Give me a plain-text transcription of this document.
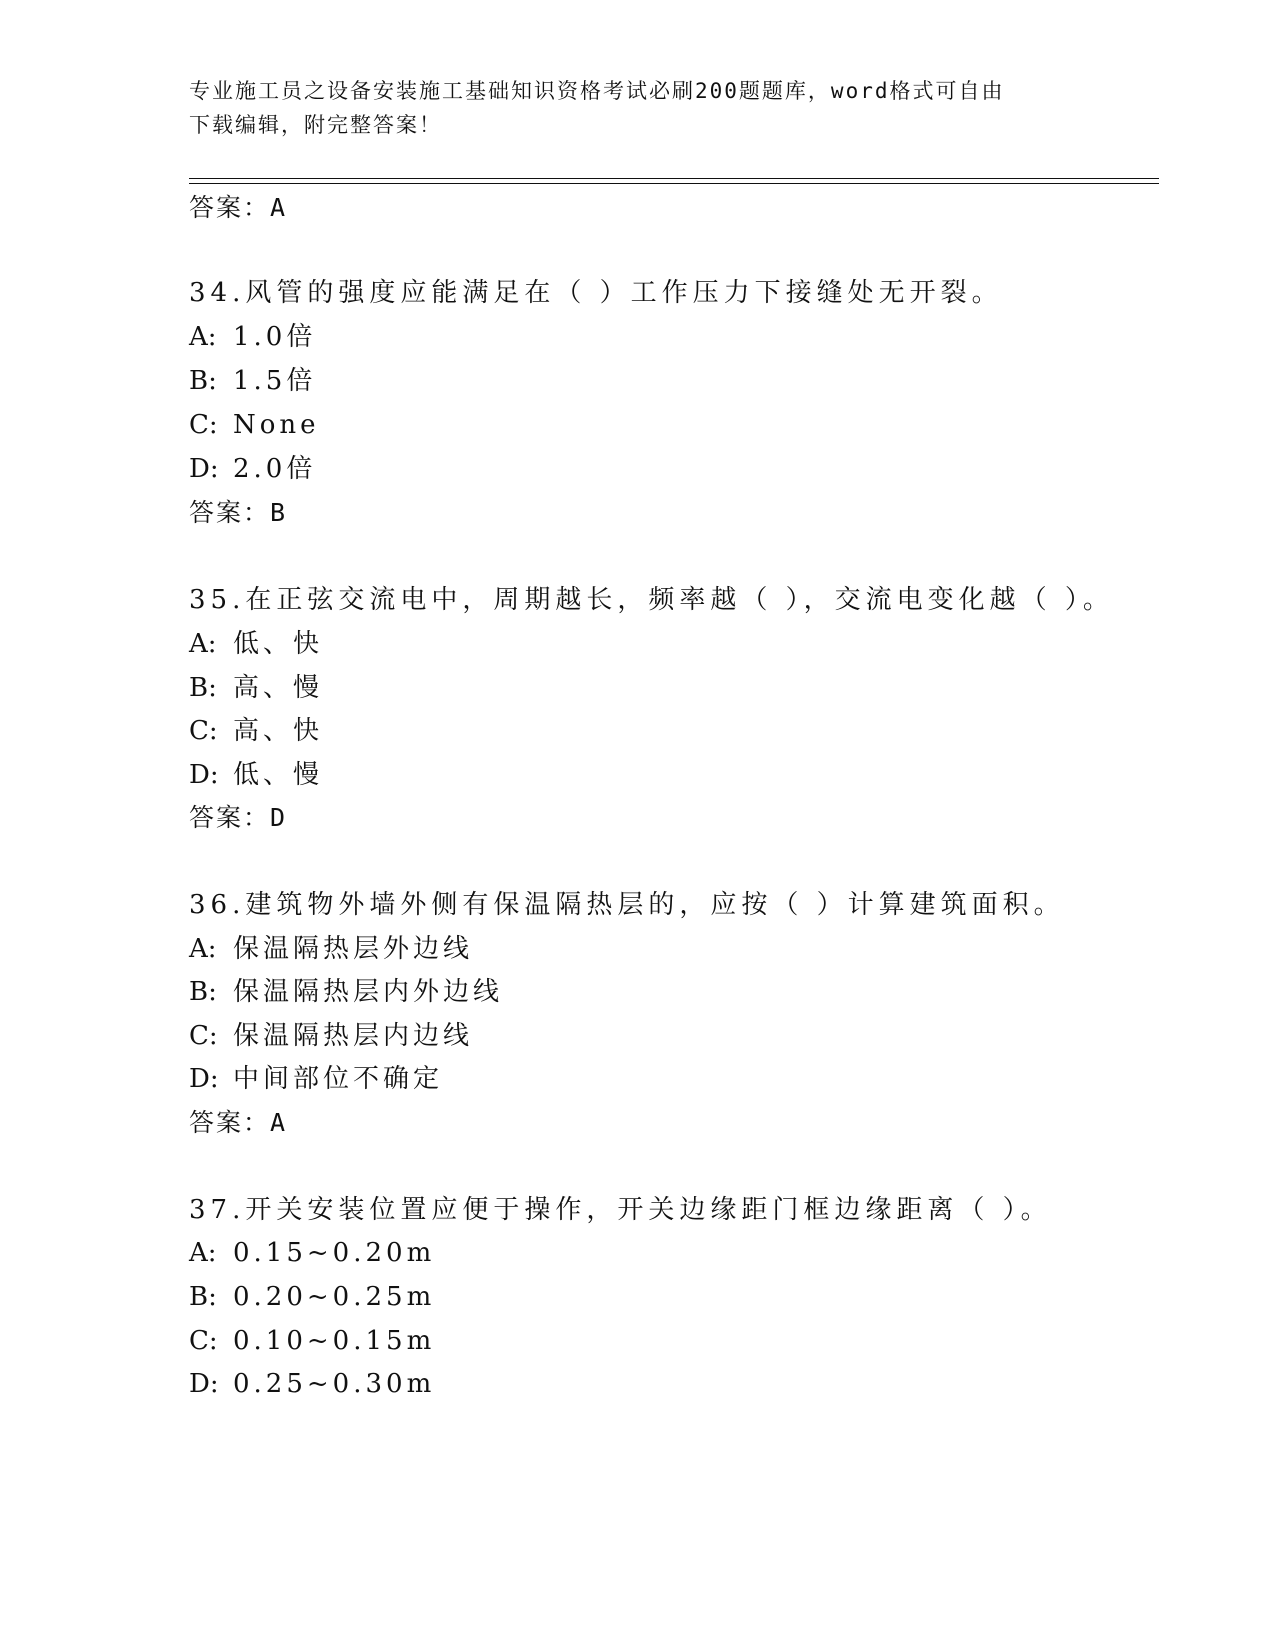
专业施工员之设备安装施工基础知识资格考试必刷200题题库，word格式可自由
下载编辑，附完整答案！
答案：A
34.风管的强度应能满足在（ ）工作压力下接缝处无开裂。
A: 1.0倍
B: 1.5倍
C: None
D: 2.0倍
答案：B
35.在正弦交流电中，周期越长，频率越（ ），交流电变化越（ ）。
A: 低、快
B: 高、慢
C: 高、快
D: 低、慢
答案：D
36.建筑物外墙外侧有保温隔热层的，应按（ ）计算建筑面积。
A: 保温隔热层外边线
B: 保温隔热层内外边线
C: 保温隔热层内边线
D: 中间部位不确定
答案：A
37.开关安装位置应便于操作，开关边缘距门框边缘距离（ ）。
A: 0.15~0.20m
B: 0.20~0.25m
C: 0.10~0.15m
D: 0.25~0.30m
